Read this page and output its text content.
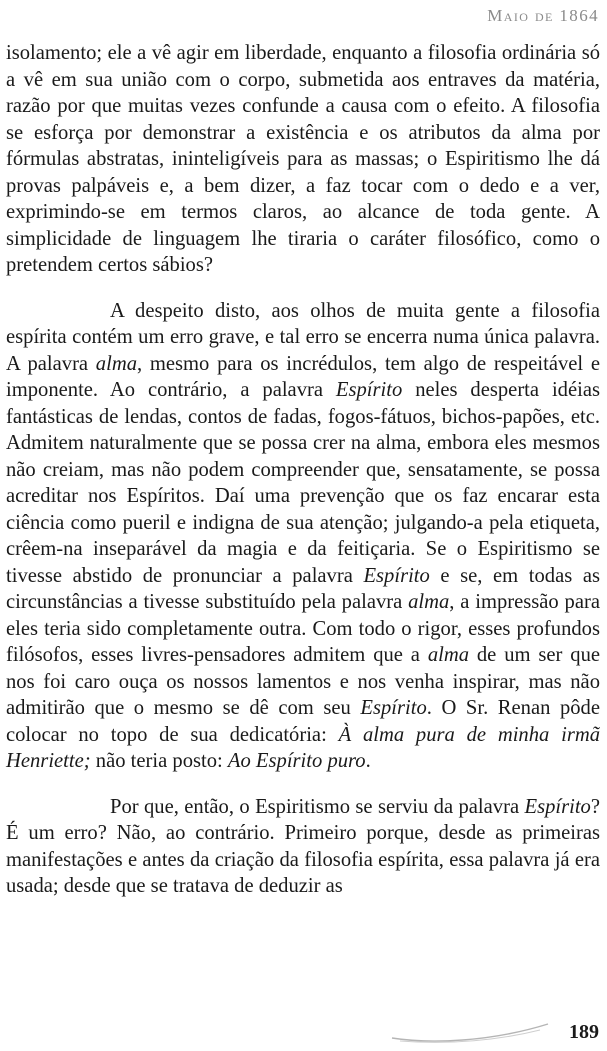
Maio de 1864

isolamento; ele a vê agir em liberdade, enquanto a filosofia ordinária só a vê em sua união com o corpo, submetida aos entraves da matéria, razão por que muitas vezes confunde a causa com o efeito. A filosofia se esforça por demonstrar a existência e os atributos da alma por fórmulas abstratas, ininteligíveis para as massas; o Espiritismo lhe dá provas palpáveis e, a bem dizer, a faz tocar com o dedo e a ver, exprimindo-se em termos claros, ao alcance de toda gente. A simplicidade de linguagem lhe tiraria o caráter filosófico, como o pretendem certos sábios?

A despeito disto, aos olhos de muita gente a filosofia espírita contém um erro grave, e tal erro se encerra numa única palavra. A palavra alma, mesmo para os incrédulos, tem algo de respeitável e imponente. Ao contrário, a palavra Espírito neles desperta idéias fantásticas de lendas, contos de fadas, fogos-fátuos, bichos-papões, etc. Admitem naturalmente que se possa crer na alma, embora eles mesmos não creiam, mas não podem compreender que, sensatamente, se possa acreditar nos Espíritos. Daí uma prevenção que os faz encarar esta ciência como pueril e indigna de sua atenção; julgando-a pela etiqueta, crêem-na inseparável da magia e da feitiçaria. Se o Espiritismo se tivesse abstido de pronunciar a palavra Espírito e se, em todas as circunstâncias a tivesse substituído pela palavra alma, a impressão para eles teria sido completamente outra. Com todo o rigor, esses profundos filósofos, esses livres-pensadores admitem que a alma de um ser que nos foi caro ouça os nossos lamentos e nos venha inspirar, mas não admitirão que o mesmo se dê com seu Espírito. O Sr. Renan pôde colocar no topo de sua dedicatória: À alma pura de minha irmã Henriette; não teria posto: Ao Espírito puro.

Por que, então, o Espiritismo se serviu da palavra Espírito? É um erro? Não, ao contrário. Primeiro porque, desde as primeiras manifestações e antes da criação da filosofia espírita, essa palavra já era usada; desde que se tratava de deduzir as

189
